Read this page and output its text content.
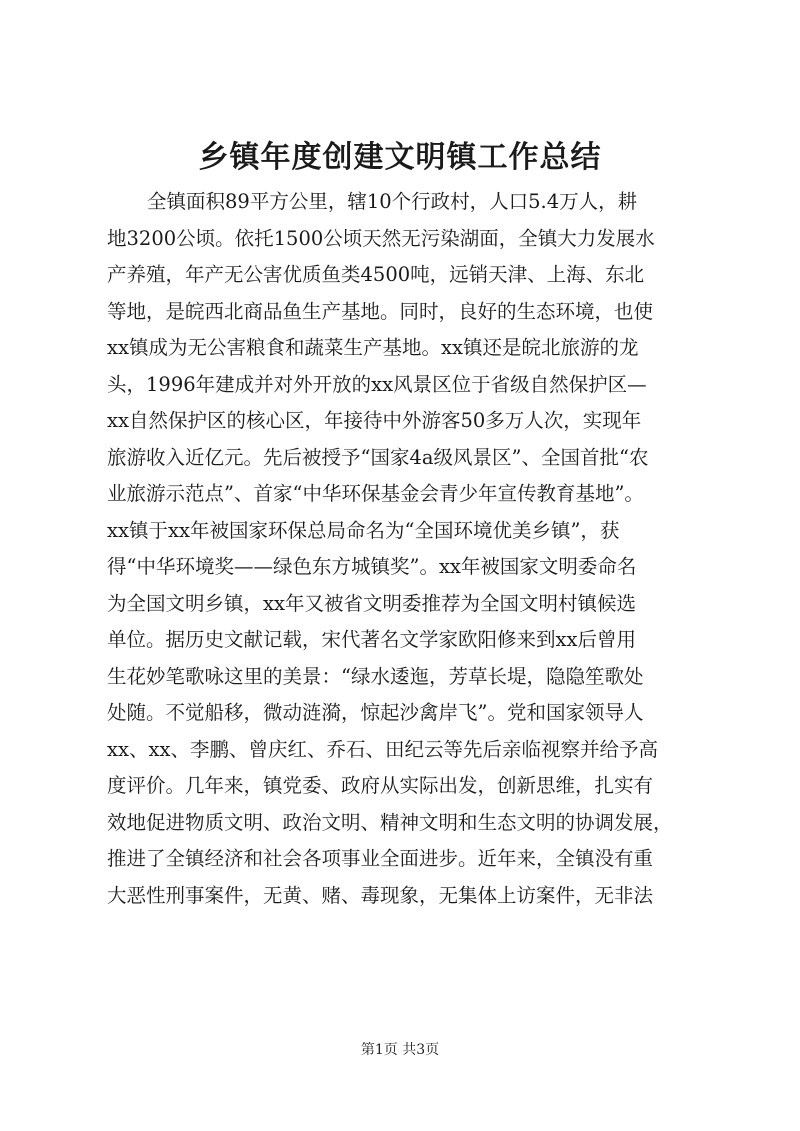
乡镇年度创建文明镇工作总结
全镇面积89平方公里，辖10个行政村，人口5.4万人，耕
地3200公顷。依托1500公顷天然无污染湖面，全镇大力发展水
产养殖，年产无公害优质鱼类4500吨，远销天津、上海、东北
等地，是皖西北商品鱼生产基地。同时，良好的生态环境，也使
xx镇成为无公害粮食和蔬菜生产基地。xx镇还是皖北旅游的龙
头，1996年建成并对外开放的xx风景区位于省级自然保护区—
xx自然保护区的核心区，年接待中外游客50多万人次，实现年
旅游收入近亿元。先后被授予“国家4a级风景区”、全国首批“农
业旅游示范点”、首家“中华环保基金会青少年宣传教育基地”。
xx镇于xx年被国家环保总局命名为“全国环境优美乡镇”，获
得“中华环境奖——绿色东方城镇奖”。xx年被国家文明委命名
为全国文明乡镇，xx年又被省文明委推荐为全国文明村镇候选
单位。据历史文献记载，宋代著名文学家欧阳修来到xx后曾用
生花妙笔歌咏这里的美景：“绿水逶迤，芳草长堤，隐隐笙歌处
处随。不觉船移，微动涟漪，惊起沙禽岸飞”。党和国家领导人
xx、xx、李鹏、曾庆红、乔石、田纪云等先后亲临视察并给予高
度评价。几年来，镇党委、政府从实际出发，创新思维，扎实有
效地促进物质文明、政治文明、精神文明和生态文明的协调发展，
推进了全镇经济和社会各项事业全面进步。近年来，全镇没有重
大恶性刑事案件，无黄、赌、毒现象，无集体上访案件，无非法
第1页 共3页
